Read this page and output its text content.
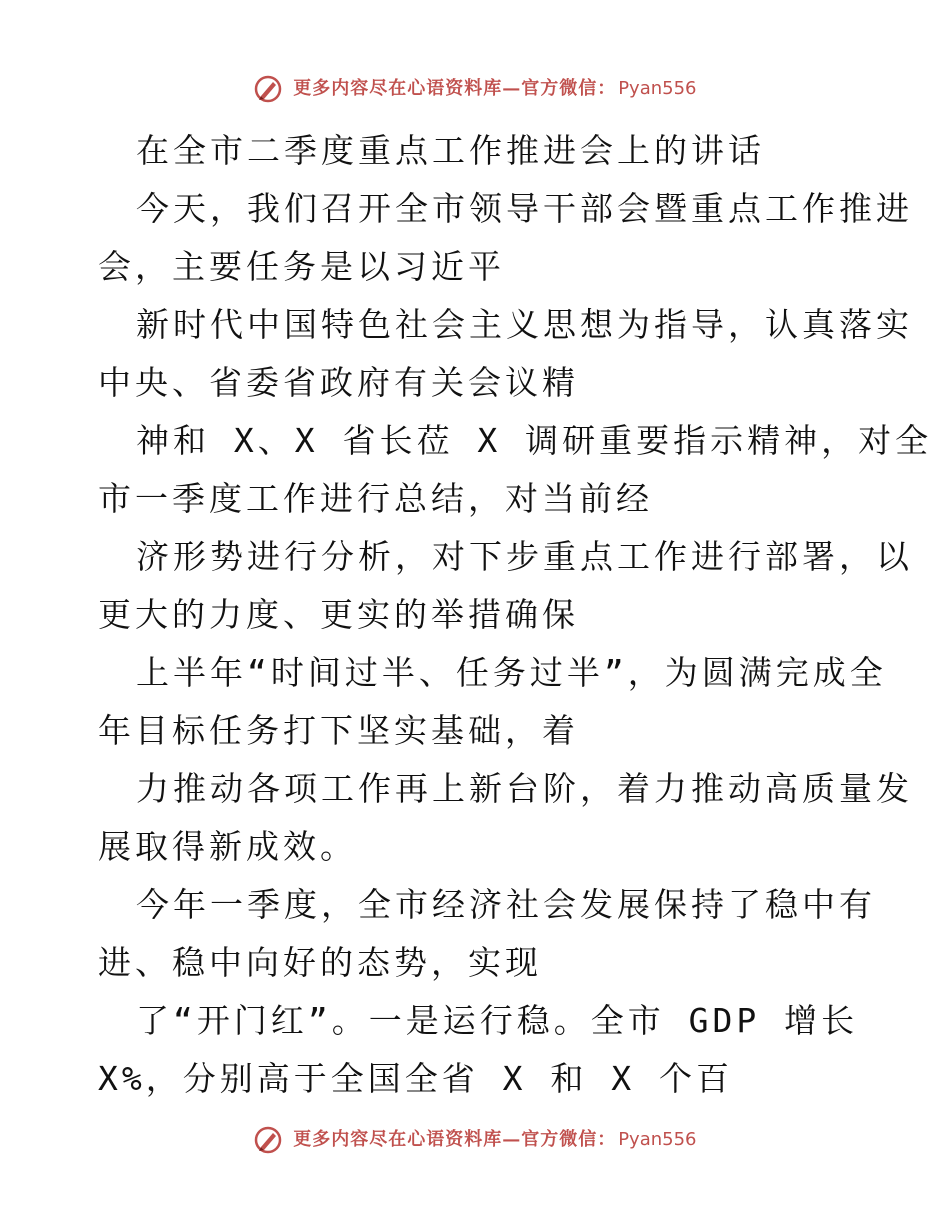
更多内容尽在心语资料库—官方微信： Pyan556
在全市二季度重点工作推进会上的讲话
今天，我们召开全市领导干部会暨重点工作推进
会，主要任务是以习近平
新时代中国特色社会主义思想为指导，认真落实
中央、省委省政府有关会议精
神和 X、X 省长莅 X 调研重要指示精神，对全
市一季度工作进行总结，对当前经
济形势进行分析，对下步重点工作进行部署，以
更大的力度、更实的举措确保
上半年“时间过半、任务过半”，为圆满完成全
年目标任务打下坚实基础，着
力推动各项工作再上新台阶，着力推动高质量发
展取得新成效。
今年一季度，全市经济社会发展保持了稳中有
进、稳中向好的态势，实现
了“开门红”。一是运行稳。全市 GDP 增长
X%，分别高于全国全省 X 和 X 个百
更多内容尽在心语资料库—官方微信： Pyan556
